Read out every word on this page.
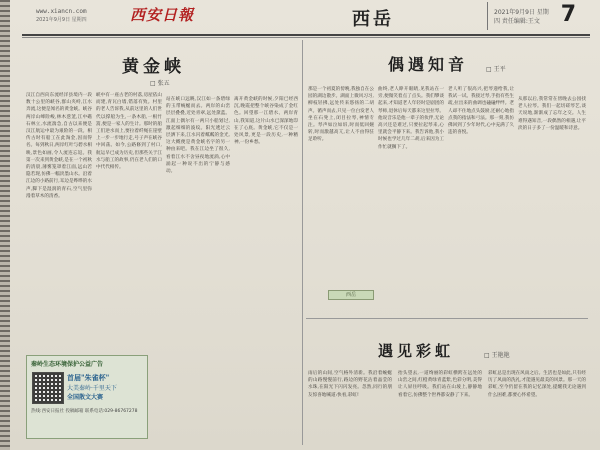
www.xiancn.com
2021年9月9日 星期四	西安日報	西岳	2021年9月9日 星期四 责任编辑:王文 7
黄金峡
□ 张五
汉江自西向东流经洋县境内一段数十公里的峡谷,群山夹峙,江水奔流,这便是闻名的黄金峡。峡谷两岸山峰险峻,林木葱茏,江中礁石林立,水流湍急,自古以来便是汉江航运中最为艰险的一段。相传古时有船工在此淘金,因而得名。每到秋日,两岸红叶与碧水相映,景色如画,令人流连忘返。我第一次来到黄金峡,是在一个初秋的清晨,薄雾笼罩着江面,远山若隐若现,仿佛一幅淡墨山水。沿着江边的小路前行,耳边是哗哗的水声,脚下是湿润的青石,空气里弥漫着草木的清香。
峡中有一座古老的村落,房屋依山而建,青瓦白墙,错落有致。村里的老人告诉我,从前这里的人们世代以撑船为生,一条木船,一根竹篙,便是一家人的生计。那时的船工们逆水而上,要拉着纤绳在崖壁上一步一步地行走,号子声在峡谷中回荡。如今,公路修到了村口,航运早已成为历史,但那些关于江水与船工的故事,仍在老人们的口中代代相传。
站在峡口远眺,汉江如一条碧绿的玉带蜿蜒而去。两岸的山峦层层叠叠,近处青翠,远处黛蓝。江面上偶尔有一两只小船划过,激起细细的波纹。阳光透过云层洒下来,江水闪着粼粼的金光,这大概便是黄金峡名字的另一种由来吧。我在江边坐了很久,看着江水不舍昼夜地流淌,心中涌起一种说不出的宁静与感动。
离开黄金峡的时候,夕阳已经西沉,晚霞把整个峡谷染成了金红色。回望那一江碧水、两岸青山,我知道,这片山水已深深地印在了心底。黄金峡,它不仅是一处风景,更是一段历史,一种精神,一份乡愁。
秦岭生态环境保护公益广告
首届"朱雀杯"
大美秦岭·千里天下
全国散文大赛
热线:西安日报社 投稿邮箱 联系电话:029-86767278
偶遇知音	□ 王平
那是一个初夏的傍晚,我独自在公园的湖边散步。湖面上微风习习,柳枝轻拂,远处传来悠扬的二胡声。循声而去,只见一位白发老人坐在石凳上,闭目拉琴,神情专注。琴声如泣如诉,时而低回婉转,时而激越高亢,让人不由得驻足聆听。
曲终,老人睁开眼睛,见我站在一旁,便微笑着点了点头。我们攀谈起来,才知道老人年轻时是剧团的琴师,退休后每天都来这里拉琴。他说音乐是他一辈子的伙伴,无论高兴还是难过,只要拉起琴来,心里就会平静下来。我告诉他,我小时候也学过几年二胡,后来因为工作忙就搁下了。
老人听了很高兴,把琴递给我,让我试一试。我接过琴,手指有些生疏,拉出来的曲调也磕磕绊绊。老人却不住地点头鼓励,还耐心地指点我的指法和弓法。那一刻,我仿佛回到了少年时代,心中充满了久违的喜悦。
从那以后,我常常在傍晚去公园找老人拉琴。我们一起切磋琴艺,谈天说地,渐渐成了忘年之交。人生难得遇知音,一段偶然的相遇,让平淡的日子多了一份温暖和诗意。
西岳
遇见彩虹	□ 王艳艳
雨后的山间,空气格外清新。我沿着蜿蜒的山路慢慢前行,路边的野花沾着晶莹的水珠,在阳光下闪闪发亮。忽然,同行的朋友惊喜地喊道:快看,彩虹!
抬头望去,一道绚丽的彩虹横跨在远处的山峦之间,红橙黄绿青蓝紫,色彩分明,美得让人屏住呼吸。我们站在山坡上,静静地看着它,仿佛整个世界都安静了下来。
彩虹总是出现在风雨之后。生活也是如此,只有经历了风雨的洗礼,才能遇见最美的风景。那一天的彩虹,至今仍留在我的记忆深处,提醒我无论遇到什么困难,都要心怀希望。
